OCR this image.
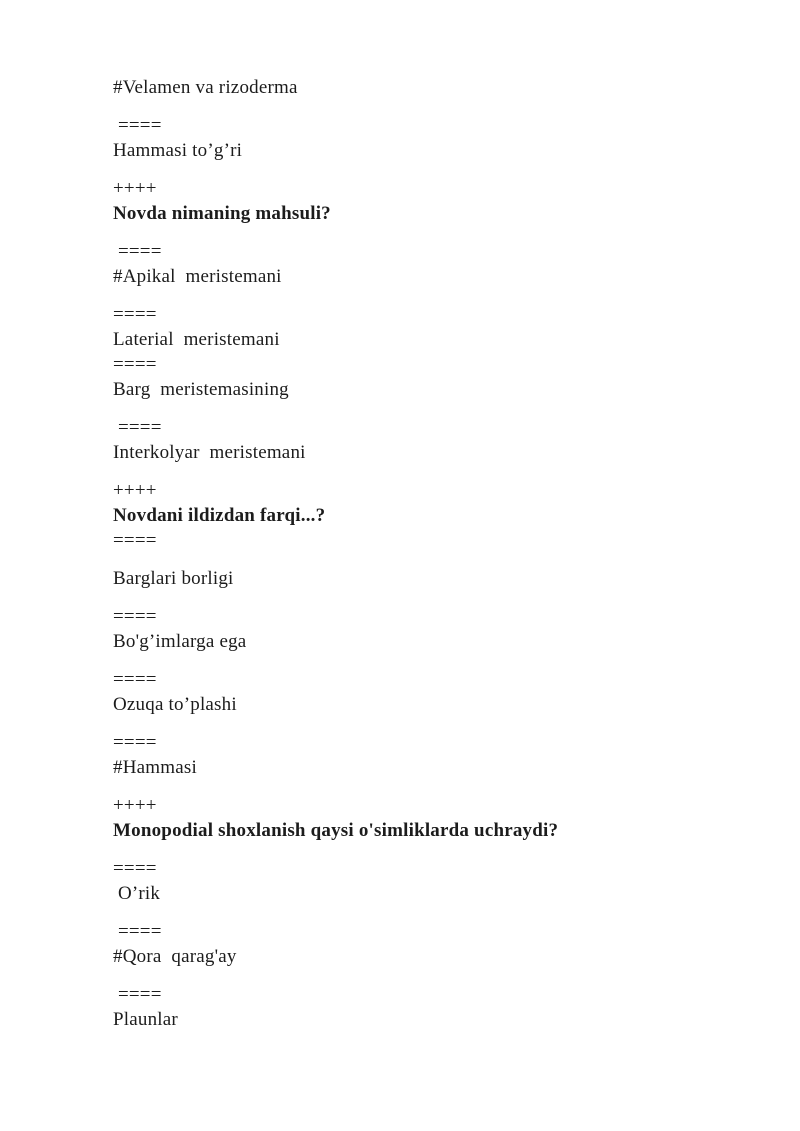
#Velamen va rizoderma
====
Hammasi to’g’ri
++++
Novda nimaning mahsuli?
====
#Apikal  meristemani
====
Laterial  meristemani
====
Barg  meristemasining
====
Interkolyar  meristemani
++++
Novdani ildizdan farqi...?
====
Barglari borligi
====
Bo'g’imlarga ega
====
Ozuqa to’plashi
====
#Hammasi
++++
Monopodial shoxlanish qaysi o'simliklarda uchraydi?
====
O’rik
====
#Qora  qarag'ay
====
Plaunlar
